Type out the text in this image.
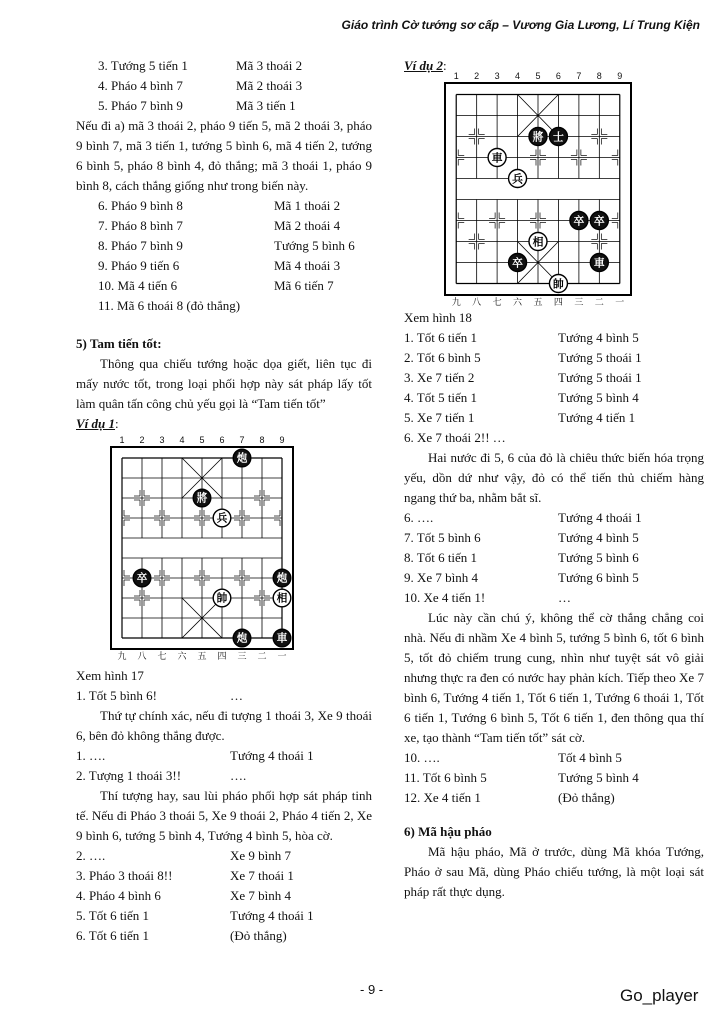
Giáo trình Cờ tướng sơ cấp – Vương Gia Lương, Lí Trung Kiện
3. Tướng 5 tiến 1	Mã 3 thoái 2
4. Pháo 4 bình 7	Mã 2 thoái 3
5. Pháo 7 bình 9	Mã 3 tiến 1

Nếu đi a) mã 3 thoái 2, pháo 9 tiến 5, mã 2 thoái 3, pháo 9 bình 7, mã 3 tiến 1, tướng 5 bình 6, mã 4 tiến 2, tướng 6 bình 5, pháo 8 bình 4, đỏ thắng; mã 3 thoái 1, pháo 9 bình 8, cách thắng giống như trong biến này.

6. Pháo 9 bình 8	Mã 1 thoái 2
7. Pháo 8 bình 7	Mã 2 thoái 4
8. Pháo 7 bình 9	Tướng 5 bình 6
9. Pháo 9 tiến 6	Mã 4 thoái 3
10. Mã 4 tiến 6	Mã 6 tiến 7
11. Mã 6 thoái 8 (đỏ thắng)
5) Tam tiến tốt:

Thông qua chiếu tướng hoặc dọa giết, liên tục đi mấy nước tốt, trong loại phối hợp này sát pháp lấy tốt làm quân tấn công chủ yếu gọi là “Tam tiến tốt”

Ví dụ 1:
1	2	3	4	5	6	7	8	9
炮
將
兵
卒	炮
帥	相
炮	車
九	八	七	六	五	四	三	二	一
Xem hình 17
1. Tốt 5 bình 6!	…

Thứ tự chính xác, nếu đi tượng 1 thoái 3, Xe 9 thoái 6, bên đỏ không thắng được.

1. ….	Tướng 4 thoái 1
2. Tượng 1 thoái 3!!	….

Thí tượng hay, sau lùi pháo phối hợp sát pháp tinh tế. Nếu đi Pháo 3 thoái 5, Xe 9 thoái 2, Pháo 4 tiến 2, Xe 9 bình 6, tướng 5 bình 4, Tướng 4 bình 5, hòa cờ.

2. ….	Xe 9 bình 7
3. Pháo 3 thoái 8!!	Xe 7 thoái 1
4. Pháo 4 bình 6	Xe 7 bình 4
5. Tốt 6 tiến 1	Tướng 4 thoái 1
6. Tốt 6 tiến 1	(Đỏ thắng)
Ví dụ 2:
1	2	3	4	5	6	7	8	9
將 士
車
兵
卒 卒
相
卒	車
帥
九	八	七	六	五	四	三	二	一
Xem hình 18
1. Tốt 6 tiến 1	Tướng 4 bình 5
2. Tốt 6 bình 5	Tướng 5 thoái 1
3. Xe 7 tiến 2	Tướng 5 thoái 1
4. Tốt 5 tiến 1	Tướng 5 bình 4
5. Xe 7 tiến 1	Tướng 4 tiến 1
6. Xe 7 thoái 2!! …

Hai nước đi 5, 6 của đỏ là chiêu thức biến hóa trọng yếu, dồn dứ như vậy, đỏ có thể tiến thủ chiếm hàng ngang thứ ba, nhằm bắt sĩ.

6. ….	Tướng 4 thoái 1
7. Tốt 5 bình 6	Tướng 4 bình 5
8. Tốt 6 tiến 1	Tướng 5 bình 6
9. Xe 7 bình 4	Tướng 6 bình 5
10. Xe 4 tiến 1!	…

Lúc này cần chú ý, không thể cờ thắng chẳng coi nhà. Nếu đi nhầm Xe 4 bình 5, tướng 5 bình 6, tốt 6 bình 5, tốt đỏ chiếm trung cung, nhìn như tuyệt sát vô giải nhưng thực ra đen có nước hay phản kích. Tiếp theo Xe 7 bình 6, Tướng 4 tiến 1, Tốt 6 tiến 1, Tướng 6 thoái 1, Tốt 6 tiến 1, Tướng 6 bình 5, Tốt 6 tiến 1, đen thông qua thí xe, tạo thành “Tam tiến tốt” sát cờ.

10. ….	Tốt 4 bình 5
11. Tốt 6 bình 5	Tướng 5 bình 4
12. Xe 4 tiến 1	(Đỏ thắng)
6) Mã hậu pháo

Mã hậu pháo, Mã ở trước, dùng Mã khóa Tướng, Pháo ở sau Mã, dùng Pháo chiếu tướng, là một loại sát pháp rất thực dụng.

- 9 -	Go_player
